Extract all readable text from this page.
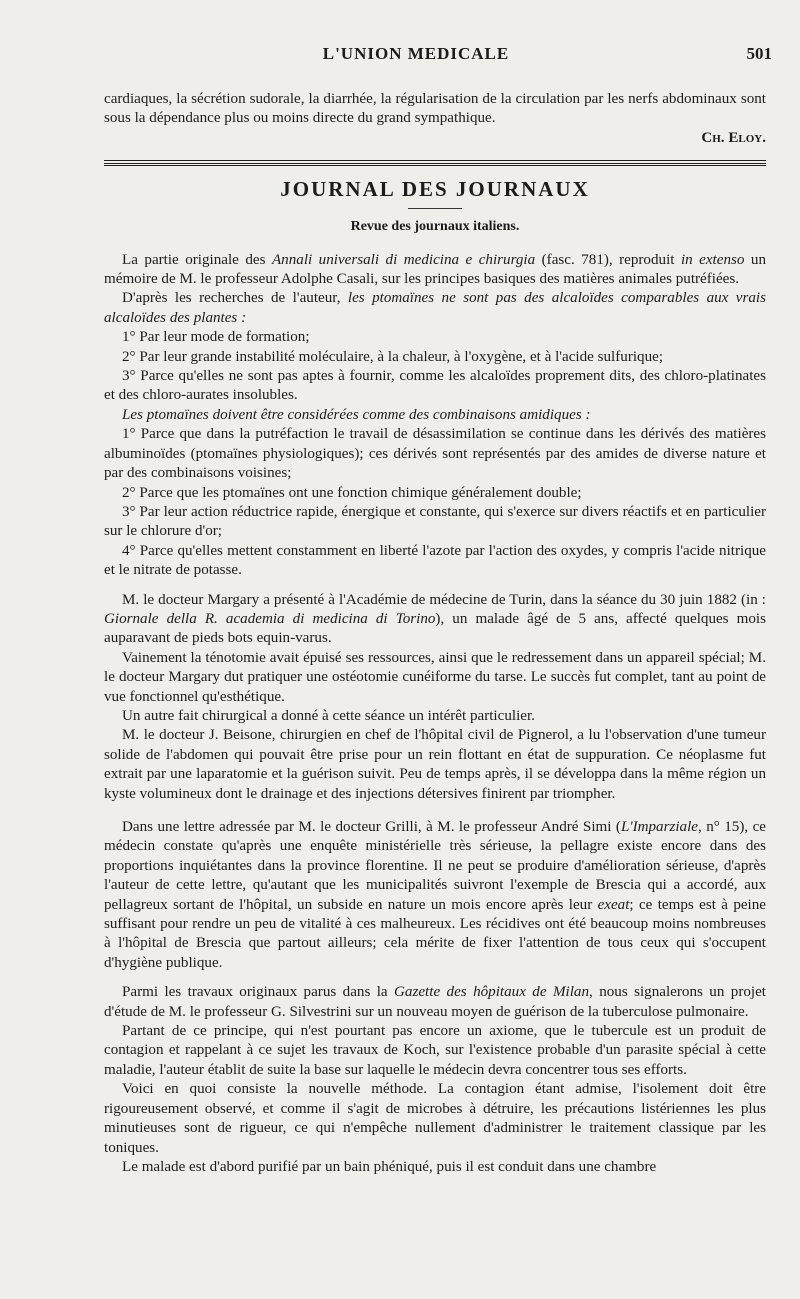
L'UNION MEDICALE	501

cardiaques, la sécrétion sudorale, la diarrhée, la régularisation de la circulation par les nerfs abdominaux sont sous la dépendance plus ou moins directe du grand sympathique.

Ch. Eloy.
JOURNAL DES JOURNAUX
Revue des journaux italiens.

La partie originale des Annali universali di medicina e chirurgia (fasc. 781), reproduit in extenso un mémoire de M. le professeur Adolphe Casali, sur les principes basiques des matières animales putréfiées.

D'après les recherches de l'auteur, les ptomaïnes ne sont pas des alcaloïdes comparables aux vrais alcaloïdes des plantes :

1° Par leur mode de formation;

2° Par leur grande instabilité moléculaire, à la chaleur, à l'oxygène, et à l'acide sulfurique;

3° Parce qu'elles ne sont pas aptes à fournir, comme les alcaloïdes proprement dits, des chloro-platinates et des chloro-aurates insolubles.

Les ptomaïnes doivent être considérées comme des combinaisons amidiques :

1° Parce que dans la putréfaction le travail de désassimilation se continue dans les dérivés des matières albuminoïdes (ptomaïnes physiologiques); ces dérivés sont représentés par des amides de diverse nature et par des combinaisons voisines;

2° Parce que les ptomaïnes ont une fonction chimique généralement double;

3° Par leur action réductrice rapide, énergique et constante, qui s'exerce sur divers réactifs et en particulier sur le chlorure d'or;

4° Parce qu'elles mettent constamment en liberté l'azote par l'action des oxydes, y compris l'acide nitrique et le nitrate de potasse.

M. le docteur Margary a présenté à l'Académie de médecine de Turin, dans la séance du 30 juin 1882 (in : Giornale della R. academia di medicina di Torino), un malade âgé de 5 ans, affecté quelques mois auparavant de pieds bots equin-varus.

Vainement la ténotomie avait épuisé ses ressources, ainsi que le redressement dans un appareil spécial; M. le docteur Margary dut pratiquer une ostéotomie cunéiforme du tarse. Le succès fut complet, tant au point de vue fonctionnel qu'esthétique.

Un autre fait chirurgical a donné à cette séance un intérêt particulier.

M. le docteur J. Beisone, chirurgien en chef de l'hôpital civil de Pignerol, a lu l'observation d'une tumeur solide de l'abdomen qui pouvait être prise pour un rein flottant en état de suppuration. Ce néoplasme fut extrait par une laparatomie et la guérison suivit. Peu de temps après, il se développa dans la même région un kyste volumineux dont le drainage et des injections détersives finirent par triompher.

Dans une lettre adressée par M. le docteur Grilli, à M. le professeur André Simi (L'Imparziale, n° 15), ce médecin constate qu'après une enquête ministérielle très sérieuse, la pellagre existe encore dans des proportions inquiétantes dans la province florentine. Il ne peut se produire d'amélioration sérieuse, d'après l'auteur de cette lettre, qu'autant que les municipalités suivront l'exemple de Brescia qui a accordé, aux pellagreux sortant de l'hôpital, un subside en nature un mois encore après leur exeat; ce temps est à peine suffisant pour rendre un peu de vitalité à ces malheureux. Les récidives ont été beaucoup moins nombreuses à l'hôpital de Brescia que partout ailleurs; cela mérite de fixer l'attention de tous ceux qui s'occupent d'hygiène publique.

Parmi les travaux originaux parus dans la Gazette des hôpitaux de Milan, nous signalerons un projet d'étude de M. le professeur G. Silvestrini sur un nouveau moyen de guérison de la tuberculose pulmonaire.

Partant de ce principe, qui n'est pourtant pas encore un axiome, que le tubercule est un produit de contagion et rappelant à ce sujet les travaux de Koch, sur l'existence probable d'un parasite spécial à cette maladie, l'auteur établit de suite la base sur laquelle le médecin devra concentrer tous ses efforts.

Voici en quoi consiste la nouvelle méthode. La contagion étant admise, l'isolement doit être rigoureusement observé, et comme il s'agit de microbes à détruire, les précautions listériennes les plus minutieuses sont de rigueur, ce qui n'empêche nullement d'administrer le traitement classique par les toniques.

Le malade est d'abord purifié par un bain phéniqué, puis il est conduit dans une chambre
